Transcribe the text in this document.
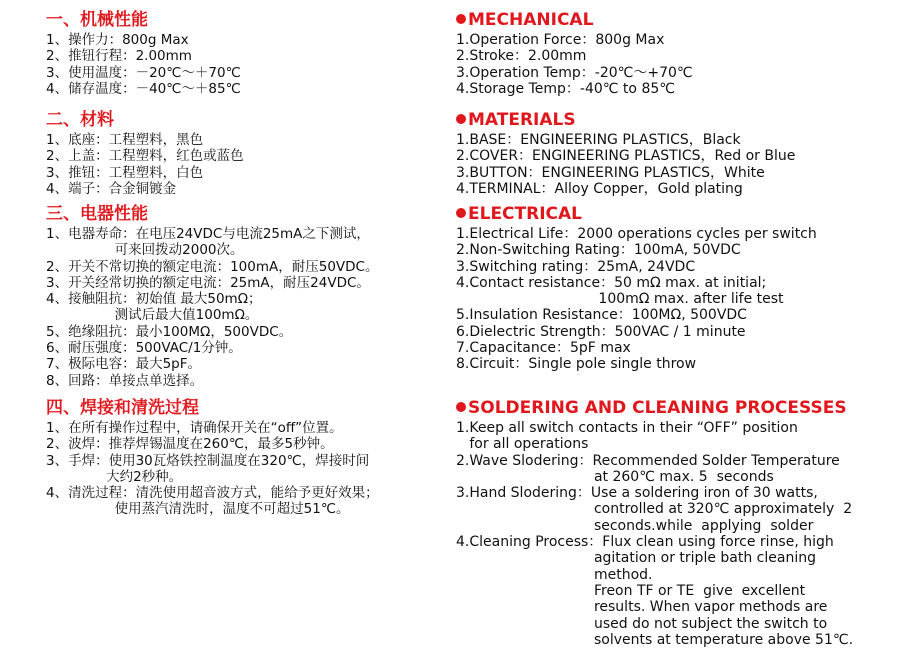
一、机械性能
1、操作力：800g Max
2、推钮行程：2.00mm
3、使用温度：－20℃～＋70℃
4、储存温度：－40℃～＋85℃
二、材料
1、底座：工程塑料，黑色
2、上盖：工程塑料，红色或蓝色
3、推钮：工程塑料，白色
4、端子：合金铜镀金
三、电器性能
1、电器寿命：在电压24VDC与电流25mA之下测试，
可来回拨动2000次。
2、开关不常切换的额定电流：100mA，耐压50VDC。
3、开关经常切换的额定电流：25mA，耐压24VDC。
4、接触阻抗：初始值 最大50mΩ；
测试后最大值100mΩ。
5、绝缘阻抗：最小100MΩ，500VDC。
6、耐压强度：500VAC/1分钟。
7、极际电容：最大5pF。
8、回路：单接点单选择。
四、焊接和清洗过程
1、在所有操作过程中，请确保开关在“off”位置。
2、波焊：推荐焊锡温度在260℃，最多5秒钟。
3、手焊：使用30瓦烙铁控制温度在320℃，焊接时间
大约2秒种。
4、清洗过程：清洗使用超音波方式，能给予更好效果；
使用蒸汽清洗时，温度不可超过51℃。
MECHANICAL
1.Operation Force：800g Max
2.Stroke：2.00mm
3.Operation Temp：-20℃～+70℃
4.Storage Temp：-40℃ to 85℃
MATERIALS
1.BASE：ENGINEERING PLASTICS，Black
2.COVER：ENGINEERING PLASTICS，Red or Blue
3.BUTTON：ENGINEERING PLASTICS，White
4.TERMINAL：Alloy Copper，Gold plating
ELECTRICAL
1.Electrical Life：2000 operations cycles per switch
2.Non-Switching Rating：100mA, 50VDC
3.Switching rating：25mA, 24VDC
4.Contact resistance：50 mΩ max. at initial;
100mΩ max. after life test
5.Insulation Resistance：100MΩ, 500VDC
6.Dielectric Strength：500VAC / 1 minute
7.Capacitance：5pF max
8.Circuit：Single pole single throw
SOLDERING AND CLEANING PROCESSES
1.Keep all switch contacts in their “OFF” position
for all operations
2.Wave Slodering：Recommended Solder Temperature
at 260℃ max. 5  seconds
3.Hand Slodering：Use a soldering iron of 30 watts,
controlled at 320℃ approximately  2
seconds.while  applying  solder
4.Cleaning Process：Flux clean using force rinse, high
agitation or triple bath cleaning
method.
Freon TF or TE  give  excellent
results. When vapor methods are
used do not subject the switch to
solvents at temperature above 51℃.
